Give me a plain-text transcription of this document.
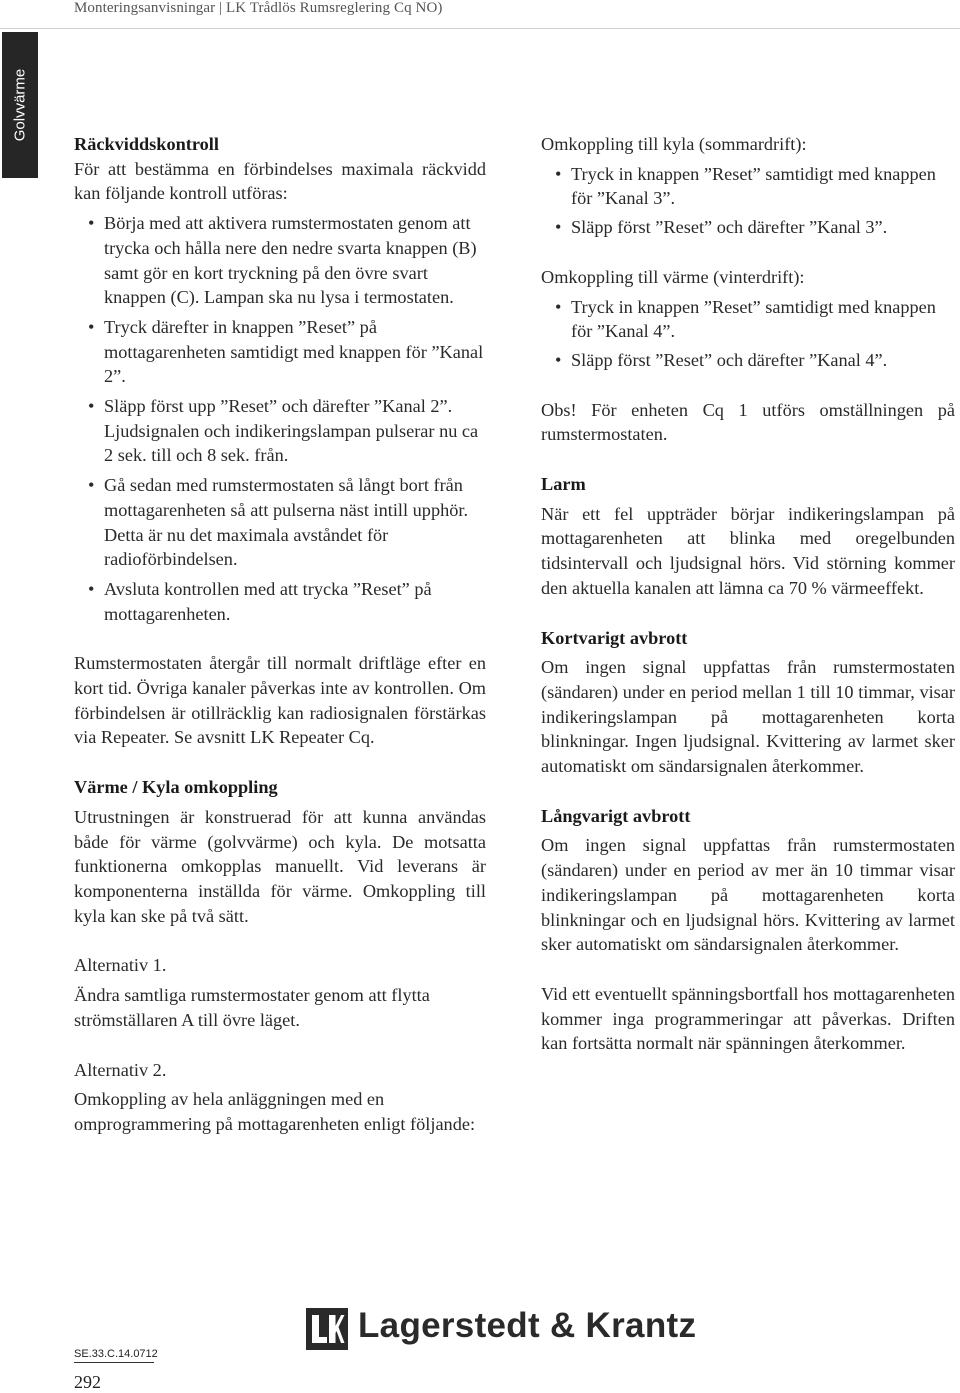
Monteringsanvisningar | LK Trådlös Rumsreglering Cq NO)
Golvvärme
Räckviddskontroll

För att bestämma en förbindelses maximala räckvidd kan följande kontroll utföras:

• Börja med att aktivera rumstermostaten genom att trycka och hålla nere den nedre svarta knappen (B) samt gör en kort tryckning på den övre svart knappen (C). Lampan ska nu lysa i termostaten.
• Tryck därefter in knappen ”Reset” på mottagarenheten samtidigt med knappen för ”Kanal 2”.
• Släpp först upp ”Reset” och därefter ”Kanal 2”. Ljudsignalen och indikeringslampan pulserar nu ca 2 sek. till och 8 sek. från.
• Gå sedan med rumstermostaten så långt bort från mottagarenheten så att pulserna näst intill upphör. Detta är nu det maximala avståndet för radioförbindelsen.
• Avsluta kontrollen med att trycka ”Reset” på mottagarenheten.

Rumstermostaten återgår till normalt driftläge efter en kort tid. Övriga kanaler påverkas inte av kontrollen. Om förbindelsen är otillräcklig kan radiosignalen förstärkas via Repeater. Se avsnitt LK Repeater Cq.

Värme / Kyla omkoppling

Utrustningen är konstruerad för att kunna användas både för värme (golvvärme) och kyla. De motsatta funktionerna omkopplas manuellt. Vid leverans är komponenterna inställda för värme. Omkoppling till kyla kan ske på två sätt.

Alternativ 1.

Ändra samtliga rumstermostater genom att flytta strömställaren A till övre läget.

Alternativ 2.

Omkoppling av hela anläggningen med en omprogrammering på mottagarenheten enligt följande:

Omkoppling till kyla (sommardrift):

• Tryck in knappen ”Reset” samtidigt med knappen för ”Kanal 3”.
• Släpp först ”Reset” och därefter ”Kanal 3”.

Omkoppling till värme (vinterdrift):

• Tryck in knappen ”Reset” samtidigt med knappen för ”Kanal 4”.
• Släpp först ”Reset” och därefter ”Kanal 4”.

Obs! För enheten Cq 1 utförs omställningen på rumstermostaten.

Larm

När ett fel uppträder börjar indikeringslampan på mottagarenheten att blinka med oregelbunden tidsintervall och ljudsignal hörs. Vid störning kommer den aktuella kanalen att lämna ca 70 % värmeeffekt.

Kortvarigt avbrott

Om ingen signal uppfattas från rumstermostaten (sändaren) under en period mellan 1 till 10 timmar, visar indikeringslampan på mottagarenheten korta blinkningar. Ingen ljudsignal. Kvittering av larmet sker automatiskt om sändarsignalen återkommer.

Långvarigt avbrott

Om ingen signal uppfattas från rumstermostaten (sändaren) under en period av mer än 10 timmar visar indikeringslampan på mottagarenheten korta blinkningar och en ljudsignal hörs. Kvittering av larmet sker automatiskt om sändarsignalen återkommer.

Vid ett eventuellt spänningsbortfall hos mottagarenheten kommer inga programmeringar att påverkas. Driften kan fortsätta normalt när spänningen återkommer.

SE.33.C.14.0712
292
Lagerstedt & Krantz
